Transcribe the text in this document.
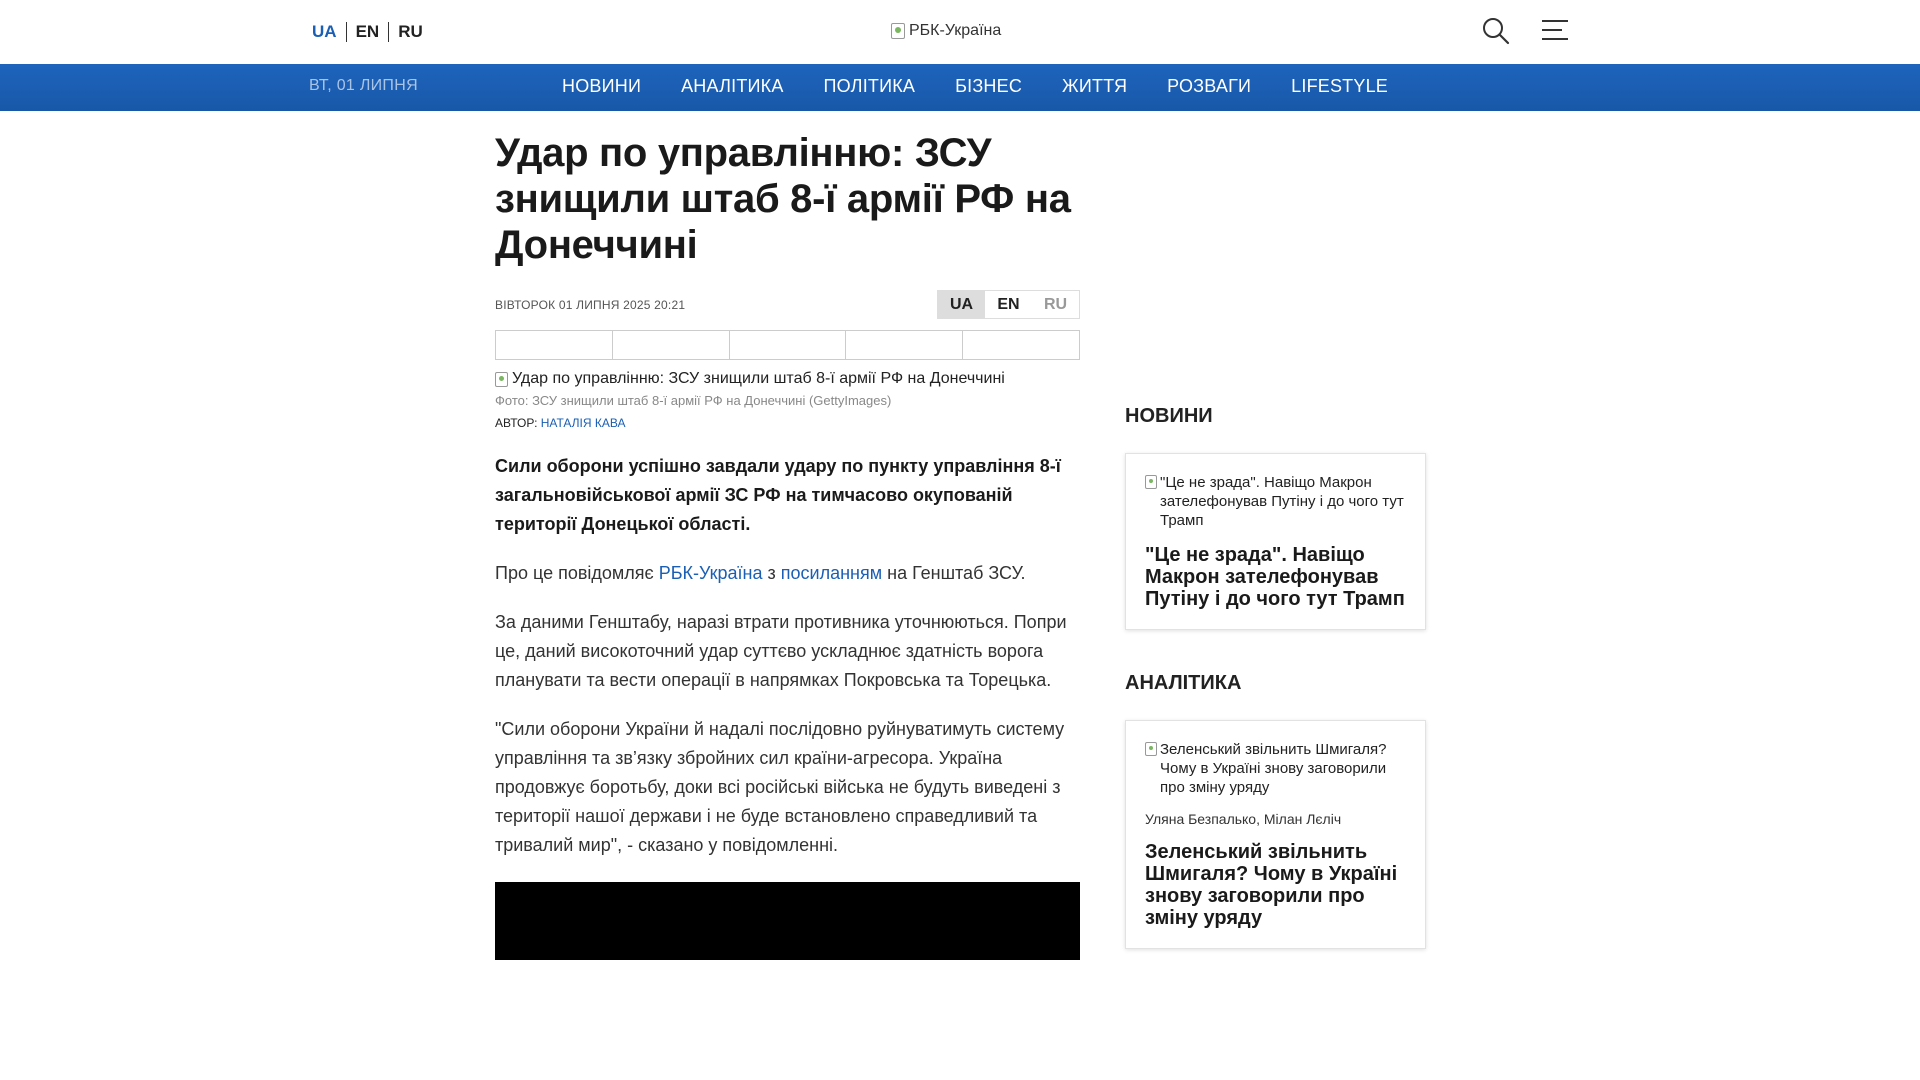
UA	EN	RU	РБК-Україна
ВТ, 01 ЛИПНЯ	НОВИНИ АНАЛІТИКА ПОЛІТИКА БІЗНЕС ЖИТТЯ РОЗВАГИ LIFESTYLE
Удар по управлінню: ЗСУ знищили штаб 8-ї армії РФ на Донеччині
ВІВТОРОК 01 ЛИПНЯ 2025 20:21	UA	EN	RU
Удар по управлінню: ЗСУ знищили штаб 8-ї армії РФ на Донеччині
Фото: ЗСУ знищили штаб 8-ї армії РФ на Донеччині (GettyImages)
АВТОР: НАТАЛІЯ КАВА

Сили оборони успішно завдали удару по пункту управління 8-ї загальновійськової армії ЗС РФ на тимчасово окупованій території Донецької області.

Про це повідомляє РБК-Україна з посиланням на Генштаб ЗСУ.

За даними Генштабу, наразі втрати противника уточнюються. Попри це, даний високоточний удар суттєво ускладнює здатність ворога планувати та вести операції в напрямках Покровська та Торецька.

"Сили оборони України й надалі послідовно руйнуватимуть систему управління та зв’язку збройних сил країни-агресора. Україна продовжує боротьбу, доки всі російські війська не будуть виведені з території нашої держави і не буде встановлено справедливий та тривалий мир", - сказано у повідомленні.

НОВИНИ
"Це не зрада". Навіщо Макрон зателефонував Путіну і до чого тут Трамп
"Це не зрада". Навіщо Макрон зателефонував Путіну і до чого тут Трамп
АНАЛІТИКА
Зеленський звільнить Шмигаля? Чому в Україні знову заговорили про зміну уряду
Уляна Безпалько, Мілан Лєліч
Зеленський звільнить Шмигаля? Чому в Україні знову заговорили про зміну уряду
